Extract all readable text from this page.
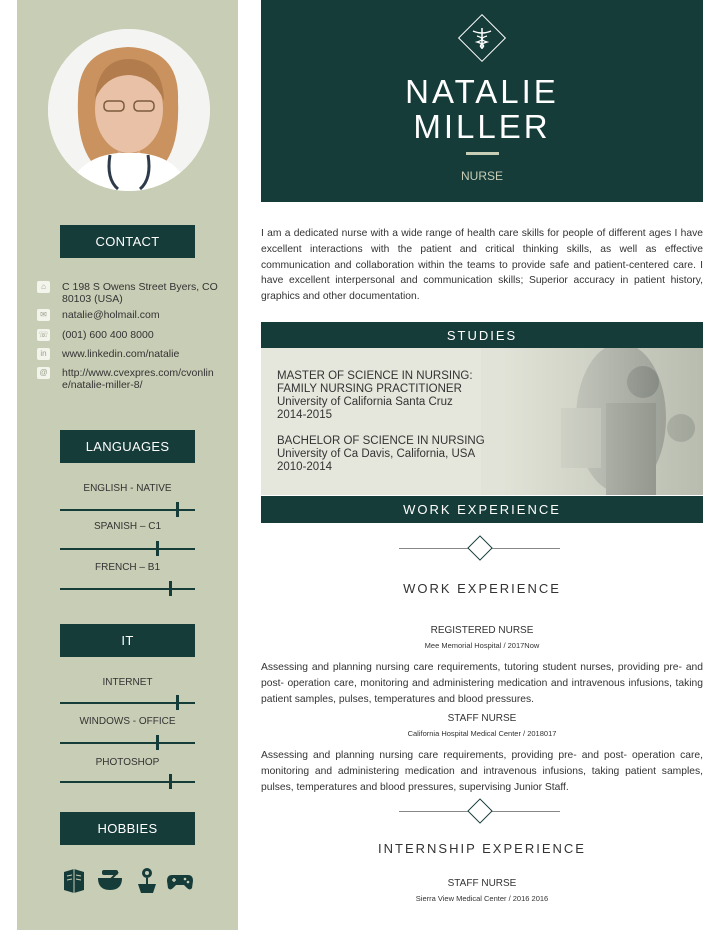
CONTACT
⌂	C 198 S Owens Street Byers, CO 80103 (USA)
✉	natalie@holmail.com
☏ (001) 600 400 8000
in	www.linkedin.com/natalie
@ http://www.cvexpres.com/cvonline/natalie-miller-8/
LANGUAGES
ENGLISH - NATIVE
SPANISH – C1
FRENCH – B1
IT
INTERNET
WINDOWS - OFFICE
PHOTOSHOP
HOBBIES
NATALIE
MILLER
NURSE
I am a dedicated nurse with a wide range of health care skills for people of different ages I have excellent interactions with the patient and critical thinking skills, as well as effective communication and collaboration within the teams to provide safe and patient-centered care. I have excellent interpersonal and communication skills; Superior accuracy in patient history, graphics and other documentation.
STUDIES
MASTER OF SCIENCE IN NURSING:
FAMILY NURSING PRACTITIONER
University of California Santa Cruz
2014-2015
BACHELOR OF SCIENCE IN NURSING
University of Ca Davis, California, USA
2010-2014
WORK EXPERIENCE
WORK EXPERIENCE
REGISTERED NURSE
Mee Memorial Hospital / 2017Now
Assessing and planning nursing care requirements, tutoring student nurses, providing pre- and post- operation care, monitoring and administering medication and intravenous infusions, taking patient samples, pulses, temperatures and blood pressures.
STAFF NURSE
California Hospital Medical Center / 2018017
Assessing and planning nursing care requirements, providing pre- and post- operation care, monitoring and administering medication and intravenous infusions, taking patient samples, pulses, temperatures and blood pressures, supervising Junior Staff.
INTERNSHIP EXPERIENCE
STAFF NURSE
Sierra View Medical Center / 2016 2016
